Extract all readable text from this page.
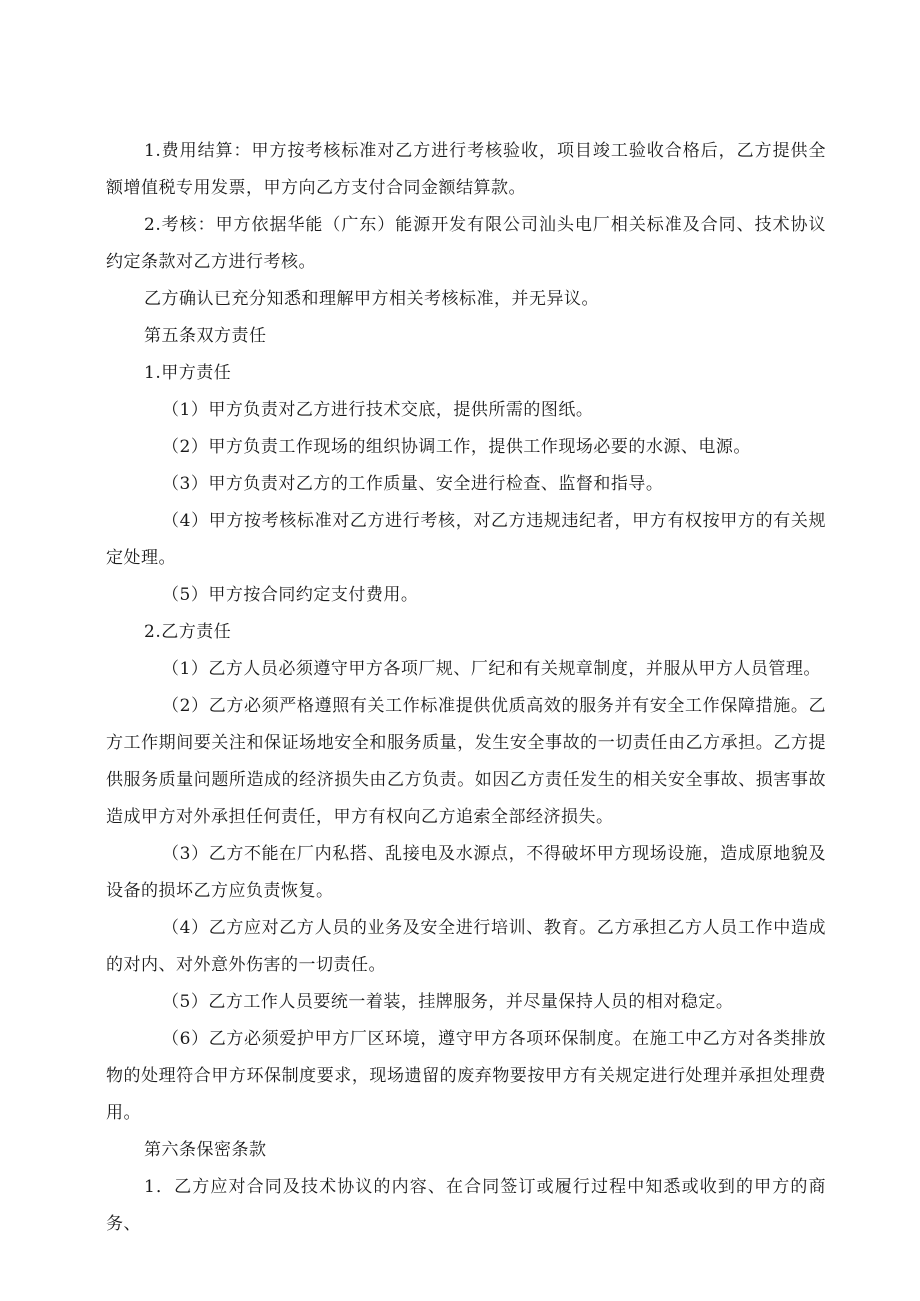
1.费用结算：甲方按考核标准对乙方进行考核验收，项目竣工验收合格后，乙方提供全额增值税专用发票，甲方向乙方支付合同金额结算款。

2.考核：甲方依据华能（广东）能源开发有限公司汕头电厂相关标准及合同、技术协议约定条款对乙方进行考核。

乙方确认已充分知悉和理解甲方相关考核标准，并无异议。

第五条双方责任

1.甲方责任

（1）甲方负责对乙方进行技术交底，提供所需的图纸。

（2）甲方负责工作现场的组织协调工作，提供工作现场必要的水源、电源。

（3）甲方负责对乙方的工作质量、安全进行检查、监督和指导。

（4）甲方按考核标准对乙方进行考核，对乙方违规违纪者，甲方有权按甲方的有关规定处理。

（5）甲方按合同约定支付费用。

2.乙方责任

（1）乙方人员必须遵守甲方各项厂规、厂纪和有关规章制度，并服从甲方人员管理。

（2）乙方必须严格遵照有关工作标准提供优质高效的服务并有安全工作保障措施。乙方工作期间要关注和保证场地安全和服务质量，发生安全事故的一切责任由乙方承担。乙方提供服务质量问题所造成的经济损失由乙方负责。如因乙方责任发生的相关安全事故、损害事故造成甲方对外承担任何责任，甲方有权向乙方追索全部经济损失。

（3）乙方不能在厂内私搭、乱接电及水源点，不得破坏甲方现场设施，造成原地貌及设备的损坏乙方应负责恢复。

（4）乙方应对乙方人员的业务及安全进行培训、教育。乙方承担乙方人员工作中造成的对内、对外意外伤害的一切责任。

（5）乙方工作人员要统一着装，挂牌服务，并尽量保持人员的相对稳定。

（6）乙方必须爱护甲方厂区环境，遵守甲方各项环保制度。在施工中乙方对各类排放物的处理符合甲方环保制度要求，现场遗留的废弃物要按甲方有关规定进行处理并承担处理费用。

第六条保密条款

1．乙方应对合同及技术协议的内容、在合同签订或履行过程中知悉或收到的甲方的商务、
